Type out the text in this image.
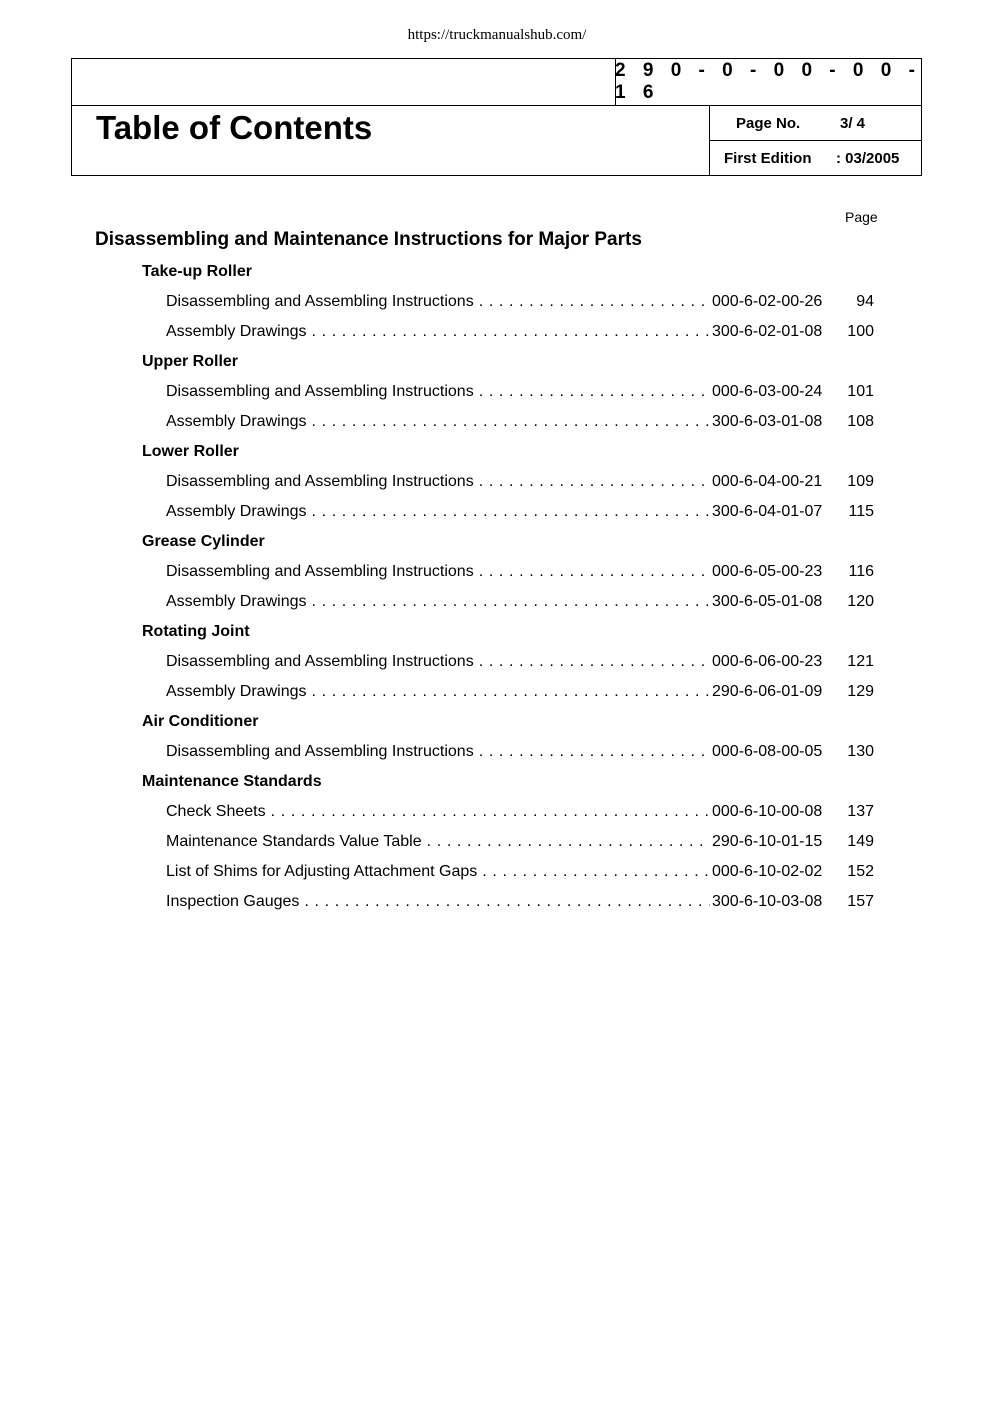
https://truckmanualshub.com/
2 9 0 - 0 - 0 0 - 0 0 - 1 6
Table of Contents	Page No.	3/ 4
First Edition : 03/2005
Page
Disassembling and Maintenance Instructions for Major Parts
Take-up Roller
Disassembling and Assembling Instructions . . .	000-6-02-00-26 94
Assembly Drawings . . .	300-6-02-01-08 100
Upper Roller
Disassembling and Assembling Instructions . . .	000-6-03-00-24 101
Assembly Drawings . . .	300-6-03-01-08 108
Lower Roller
Disassembling and Assembling Instructions . . .	000-6-04-00-21 109
Assembly Drawings . . .	300-6-04-01-07 115
Grease Cylinder
Disassembling and Assembling Instructions . . .	000-6-05-00-23 116
Assembly Drawings . . .	300-6-05-01-08 120
Rotating Joint
Disassembling and Assembling Instructions . . .	000-6-06-00-23 121
Assembly Drawings . . .	290-6-06-01-09 129
Air Conditioner
Disassembling and Assembling Instructions . . .	000-6-08-00-05 130
Maintenance Standards
Check Sheets . . .	000-6-10-00-08 137
Maintenance Standards Value Table . . .	290-6-10-01-15 149
List of Shims for Adjusting Attachment Gaps . . .	000-6-10-02-02 152
Inspection Gauges . . .	300-6-10-03-08 157
